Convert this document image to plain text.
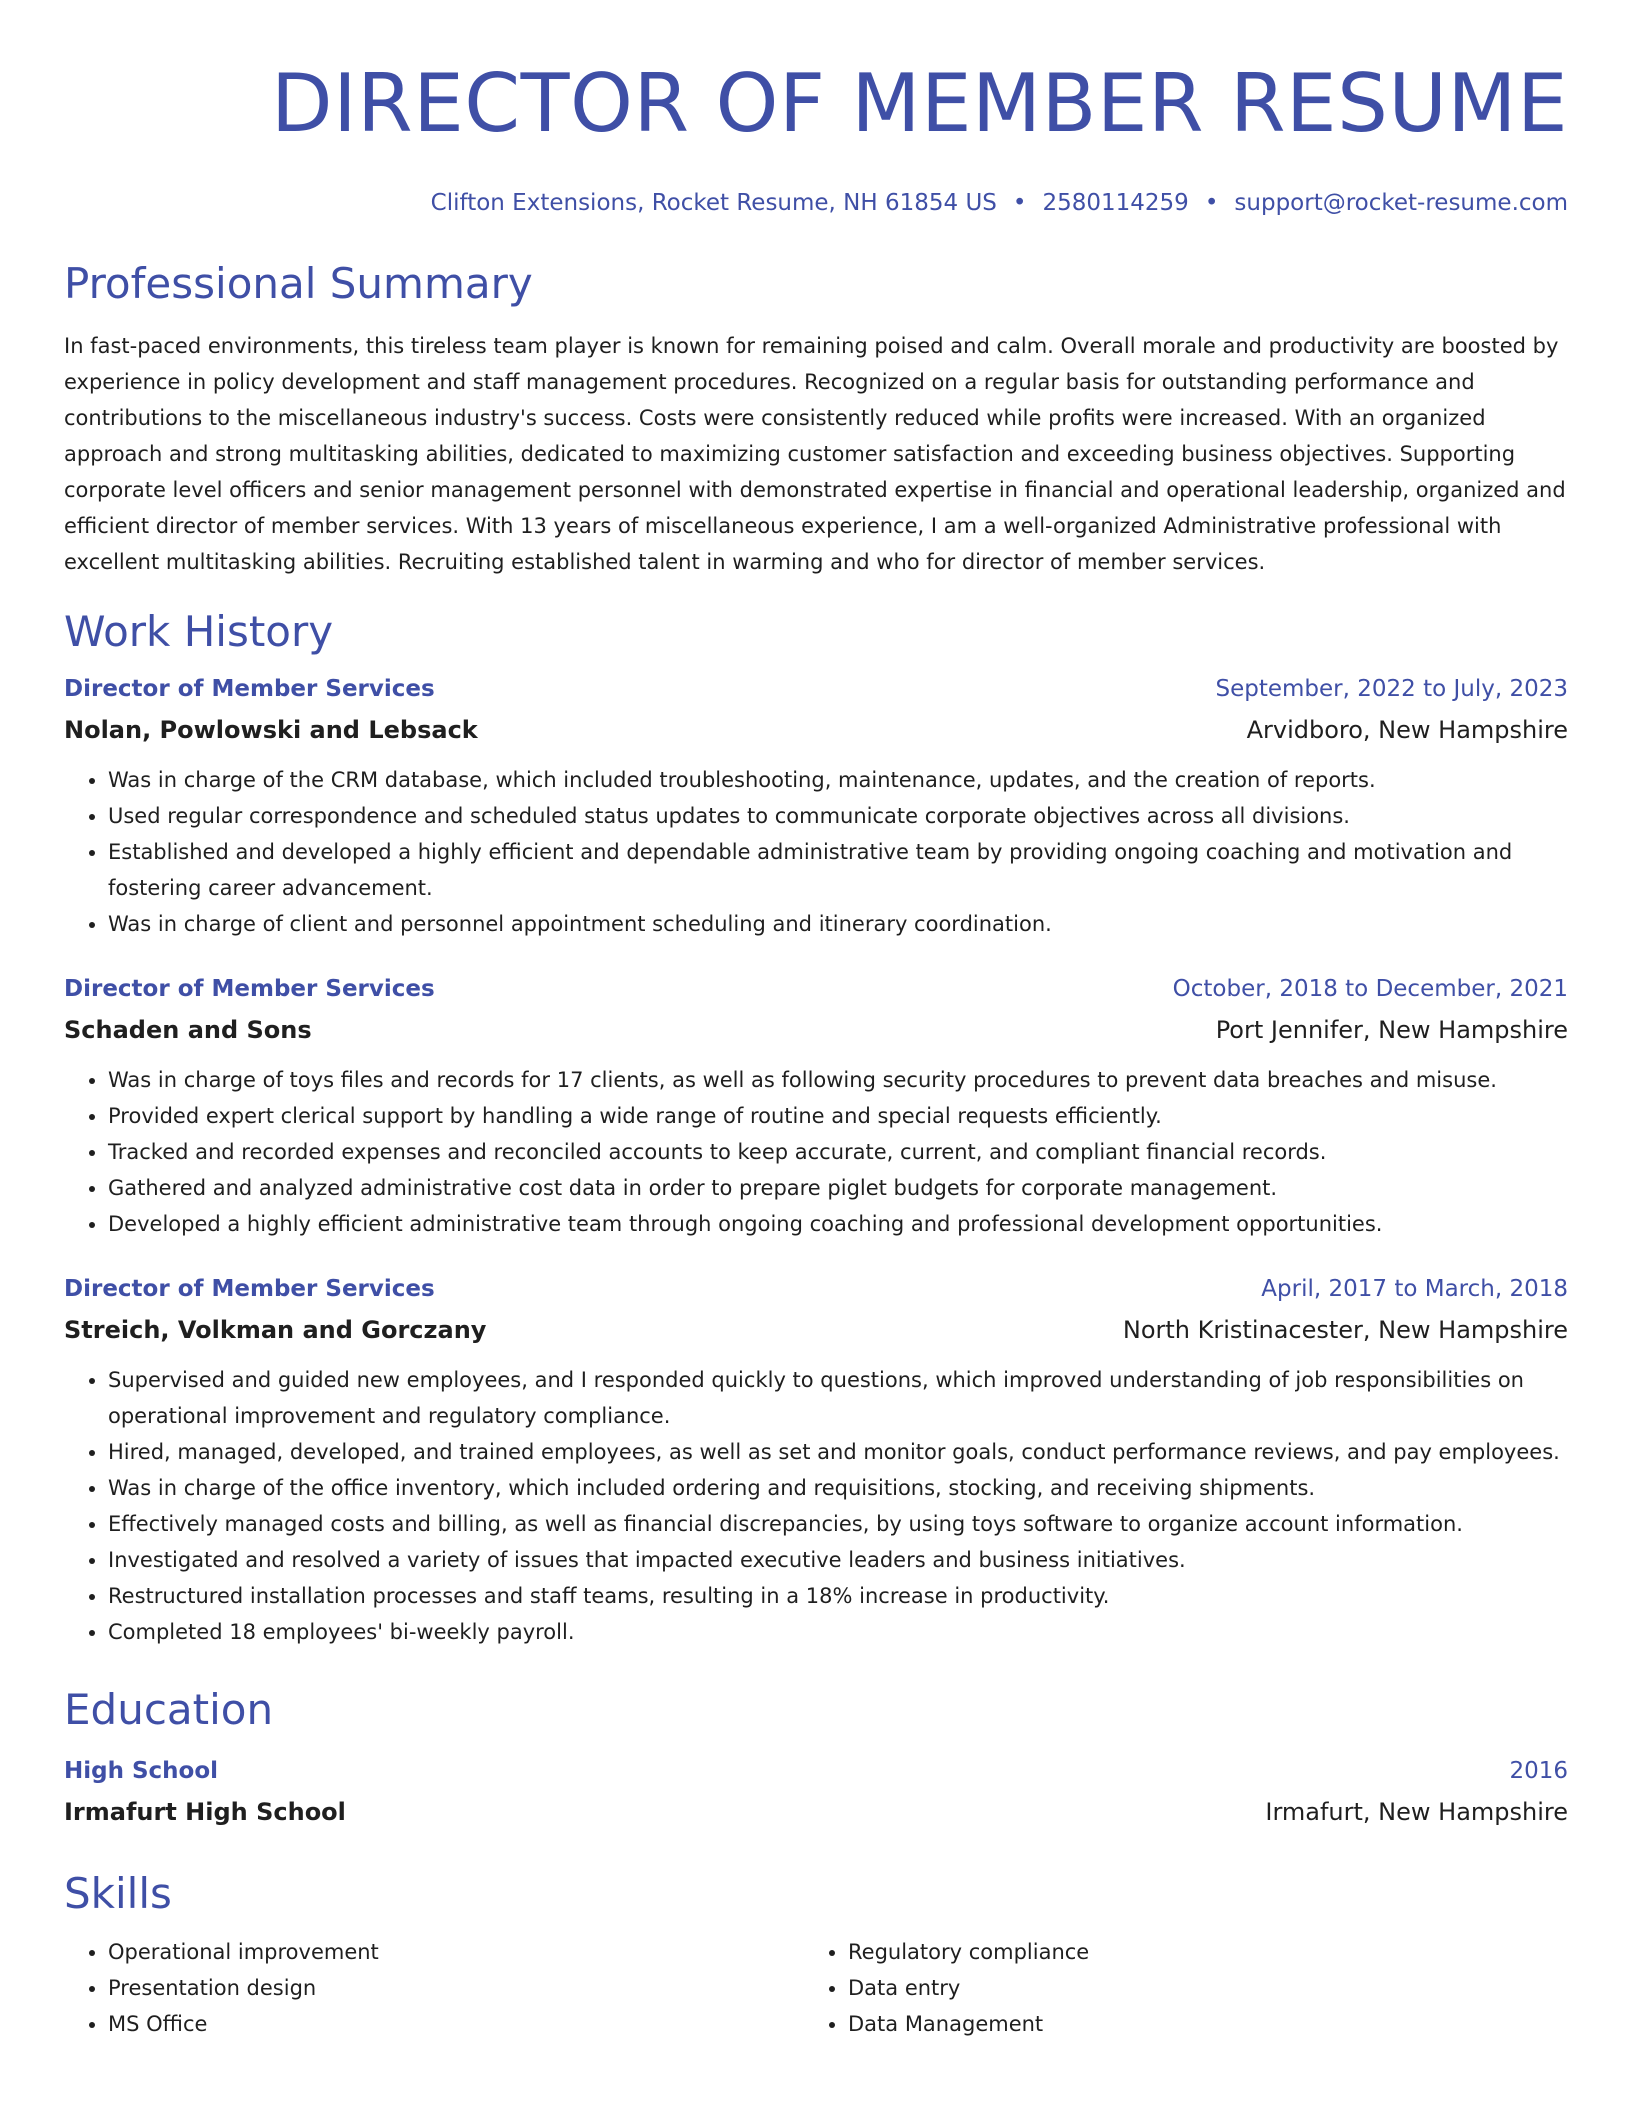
DIRECTOR OF MEMBER RESUME
Clifton Extensions, Rocket Resume, NH 61854 US • 2580114259 • support@rocket-resume.com
Professional Summary
In fast-paced environments, this tireless team player is known for remaining poised and calm. Overall morale and productivity are boosted by experience in policy development and staff management procedures. Recognized on a regular basis for outstanding performance and contributions to the miscellaneous industry's success. Costs were consistently reduced while profits were increased. With an organized approach and strong multitasking abilities, dedicated to maximizing customer satisfaction and exceeding business objectives. Supporting corporate level officers and senior management personnel with demonstrated expertise in financial and operational leadership, organized and efficient director of member services. With 13 years of miscellaneous experience, I am a well-organized Administrative professional with excellent multitasking abilities. Recruiting established talent in warming and who for director of member services.
Work History
Director of Member Services	September, 2022 to July, 2023
Nolan, Powlowski and Lebsack	Arvidboro, New Hampshire
• Was in charge of the CRM database, which included troubleshooting, maintenance, updates, and the creation of reports.
• Used regular correspondence and scheduled status updates to communicate corporate objectives across all divisions.
• Established and developed a highly efficient and dependable administrative team by providing ongoing coaching and motivation and fostering career advancement.
• Was in charge of client and personnel appointment scheduling and itinerary coordination.
Director of Member Services	October, 2018 to December, 2021
Schaden and Sons	Port Jennifer, New Hampshire
• Was in charge of toys files and records for 17 clients, as well as following security procedures to prevent data breaches and misuse.
• Provided expert clerical support by handling a wide range of routine and special requests efficiently.
• Tracked and recorded expenses and reconciled accounts to keep accurate, current, and compliant financial records.
• Gathered and analyzed administrative cost data in order to prepare piglet budgets for corporate management.
• Developed a highly efficient administrative team through ongoing coaching and professional development opportunities.
Director of Member Services	April, 2017 to March, 2018
Streich, Volkman and Gorczany	North Kristinacester, New Hampshire
• Supervised and guided new employees, and I responded quickly to questions, which improved understanding of job responsibilities on operational improvement and regulatory compliance.
• Hired, managed, developed, and trained employees, as well as set and monitor goals, conduct performance reviews, and pay employees.
• Was in charge of the office inventory, which included ordering and requisitions, stocking, and receiving shipments.
• Effectively managed costs and billing, as well as financial discrepancies, by using toys software to organize account information.
• Investigated and resolved a variety of issues that impacted executive leaders and business initiatives.
• Restructured installation processes and staff teams, resulting in a 18% increase in productivity.
• Completed 18 employees' bi-weekly payroll.
Education
High School	2016
Irmafurt High School	Irmafurt, New Hampshire
Skills
• Operational improvement
• Presentation design
• MS Office
• Regulatory compliance
• Data entry
• Data Management
